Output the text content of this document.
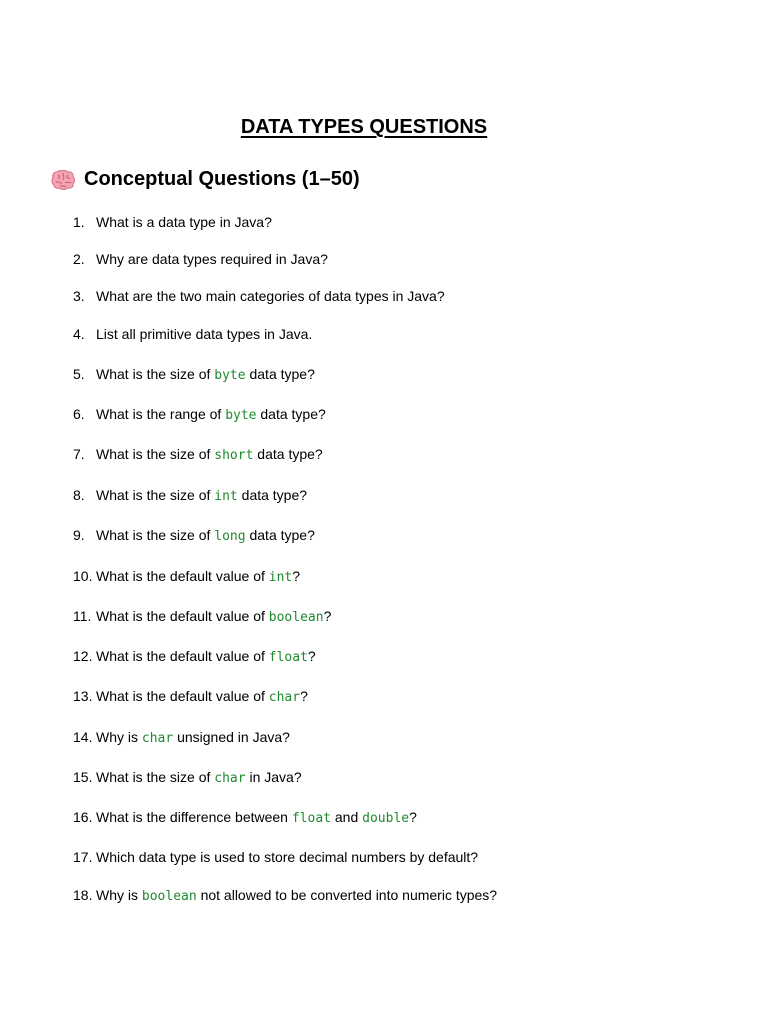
DATA TYPES QUESTIONS
Conceptual Questions (1–50)
1. What is a data type in Java?
2. Why are data types required in Java?
3. What are the two main categories of data types in Java?
4. List all primitive data types in Java.
5. What is the size of byte data type?
6. What is the range of byte data type?
7. What is the size of short data type?
8. What is the size of int data type?
9. What is the size of long data type?
10. What is the default value of int?
11. What is the default value of boolean?
12. What is the default value of float?
13. What is the default value of char?
14. Why is char unsigned in Java?
15. What is the size of char in Java?
16. What is the difference between float and double?
17. Which data type is used to store decimal numbers by default?
18. Why is boolean not allowed to be converted into numeric types?
